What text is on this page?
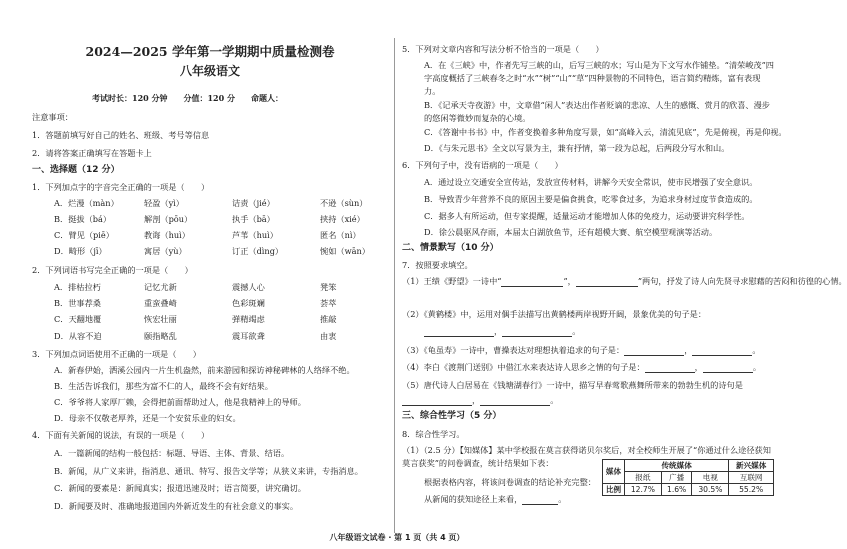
2024—2025 学年第一学期期中质量检测卷
八年级语文
考试时长：120 分钟　　分值：120 分　　命题人：
注意事项：
1．答题前填写好自己的姓名、班级、考号等信息
2．请将答案正确填写在答题卡上
一、选择题（12 分）
1．下列加点字的字音完全正确的一项是（　　）
A．烂漫（màn）	轻盈（yì）	诘责（jié）	不逊（sùn）
B．挺拔（bá）	解剖（pōu）	执手（bā）	挟持（xié）
C．臂见（piē）	教诲（huì）	芦苇（huì）	匿名（nì）
D．畸形（jī）	寓居（yù）	订正（dìng）	惋如（wān）
2．下列词语书写完全正确的一项是（　　）
A．排枯拉朽	记忆尤新	震撼人心	凳笨
B．世事荐桑	重蛮叠崎	色彩斑斓	荟萃
C．天翻地覆	恢宏壮丽	弹精竭虑	推敲
D．从容不迫	颐指略乱	震耳欲聋	由衷
3．下列加点词语使用不正确的一项是（　　）
A．新春伊始，洒溪公园内一片生机盎然，前来游园和探访神秘碑林的人络绎不绝。
B．生活告诉我们，那些为富不仁的人，最终不会有好结果。
C．爷爷将人家厚厂赖，会得把前面帮助过人，他是我精神上的导师。
D．母亲不仅敬老厚养，还是一个安贫乐业的妇女。
4．下面有关新闻的说法，有误的一项是（　　）
A．一篇新闻的结构一般包括：标题、导语、主体、背景、结语。
B．新闻，从广义来讲，指消息、通讯、特写、报告文学等；从狭义来讲，专指消息。
C．新闻的要素是：新闻真实；报道迅速及时；语言简要，讲究确切。
D．新闻要及时、准确地报道国内外新近发生的有社会意义的事实。
5．下列对文章内容和写法分析不恰当的一项是（　　）
A．在《三峡》中，作者先写三峡的山，后写三峡的水；写山是为下文写水作铺垫。“清荣峻茂”四字高度概括了三峡春冬之时“水”“树”“山”“草”四种景物的不同特色，语言简约精炼，富有表现力。
B．《记承天寺夜游》中，文章借“闲人”表达出作者贬谪的悲凉、人生的感慨、赏月的欣喜、漫步的悠闲等微妙而复杂的心境。
C．《答谢中书书》中，作者变换着多种角度写景，如“高峰入云，清流见底”，先是俯视，再是仰视。
D．《与朱元思书》全文以写景为主，兼有抒情，第一段为总起，后两段分写水和山。
6．下列句子中，没有语病的一项是（　　）
A．通过设立交通安全宣传站，发放宣传材料，讲解今天安全常识，使市民增强了安全意识。
B．导致青少年营养不良的原因主要是偏食挑食，吃零食过多，为追求身材过度节食造成的。
C．据多人有所运动，但专家提醒，适量运动才能增加人体的免疫力，运动要讲究科学性。
D．徐公晨驱风存雨，本届太白湖放鱼节，还有超模大赛、航空模型观演等活动。
二、情景默写（10 分）
7．按照要求填空。
（1）王绩《野望》一诗中“	”，	”两句，抒发了诗人向先贤寻求慰藉的苦闷和彷徨的心情。
（2）《黄鹤楼》中，运用对偶手法描写出黄鹤楼两岸视野开阔，景象优美的句子是：
，	。
（3）《龟虽寿》一诗中，曹操表达对理想执着追求的句子是：	，	。
（4）李白《渡荆门送别》中借江水来表达诗人思乡之情的句子是：	，	。
（5）唐代诗人白居易在《钱塘湖春行》一诗中，描写早春莺歌燕舞所带来的勃勃生机的诗句是
，	。
三、综合性学习（5 分）
8．综合性学习。
（1）（2.5 分）【知媒体】某中学校报在莫言获得诺贝尔奖后，对全校师生开展了“你通过什么途径获知莫言获奖”的问卷调查，统计结果如下表：
根据表格内容，将该问卷调查的结论补充完整：
从新闻的获知途径上来看，	。
媒体	传统媒体			新兴媒体
	报纸	广播	电视	互联网
比例	12.7%	1.6%	30.5%	55.2%
八年级语文试卷 · 第 1 页（共 4 页）
